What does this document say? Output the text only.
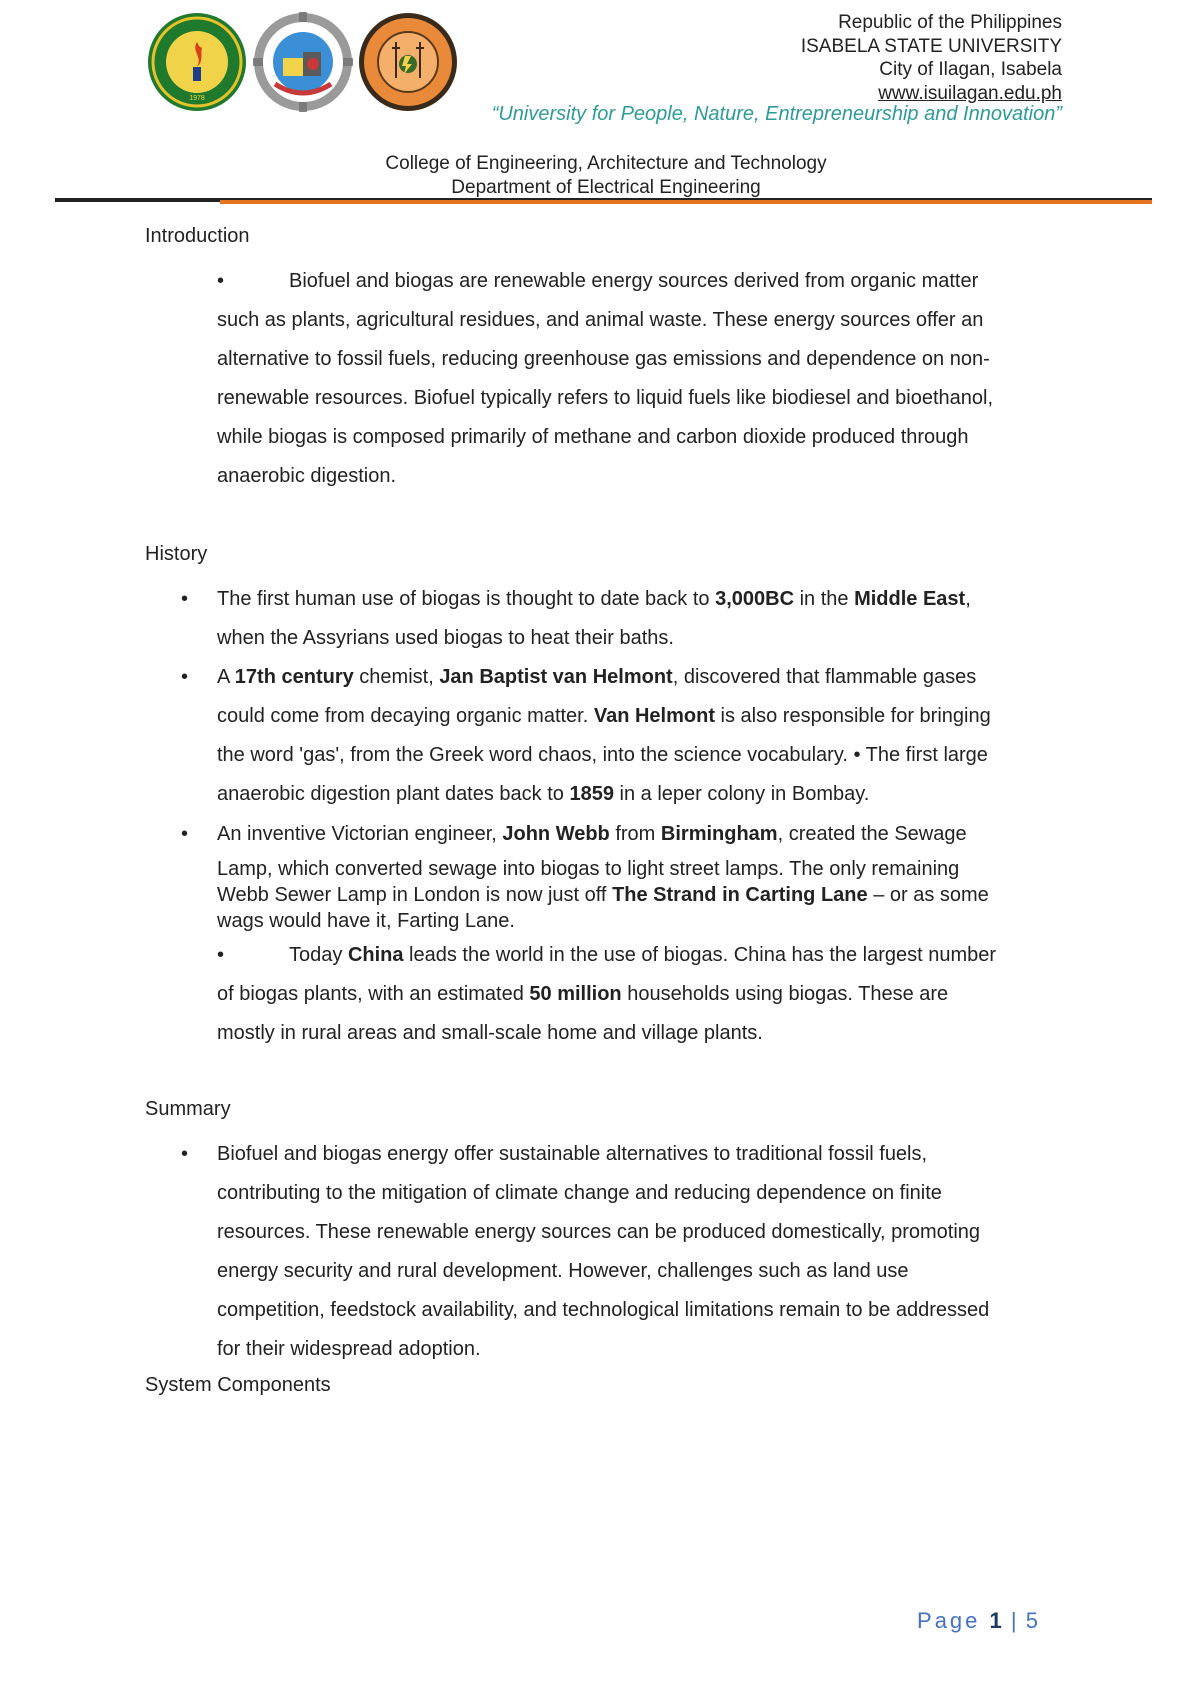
1978
Republic of the Philippines
ISABELA STATE UNIVERSITY
City of Ilagan, Isabela
www.isuilagan.edu.ph
“University for People, Nature, Entrepreneurship and Innovation”
College of Engineering, Architecture and Technology
Department of Electrical Engineering
Introduction
•	Biofuel and biogas are renewable energy sources derived from organic matter such as plants, agricultural residues, and animal waste. These energy sources offer an alternative to fossil fuels, reducing greenhouse gas emissions and dependence on non-renewable resources. Biofuel typically refers to liquid fuels like biodiesel and bioethanol, while biogas is composed primarily of methane and carbon dioxide produced through anaerobic digestion.
History
•	The first human use of biogas is thought to date back to 3,000BC in the Middle East, when the Assyrians used biogas to heat their baths.
•	A 17th century chemist, Jan Baptist van Helmont, discovered that flammable gases could come from decaying organic matter. Van Helmont is also responsible for bringing the word 'gas', from the Greek word chaos, into the science vocabulary. • The first large anaerobic digestion plant dates back to 1859 in a leper colony in Bombay.
•	An inventive Victorian engineer, John Webb from Birmingham, created the Sewage
Lamp, which converted sewage into biogas to light street lamps. The only remaining Webb Sewer Lamp in London is now just off The Strand in Carting Lane – or as some wags would have it, Farting Lane.
•	Today China leads the world in the use of biogas. China has the largest number of biogas plants, with an estimated 50 million households using biogas. These are mostly in rural areas and small-scale home and village plants.
Summary
•	Biofuel and biogas energy offer sustainable alternatives to traditional fossil fuels, contributing to the mitigation of climate change and reducing dependence on finite resources. These renewable energy sources can be produced domestically, promoting energy security and rural development. However, challenges such as land use competition, feedstock availability, and technological limitations remain to be addressed for their widespread adoption.
System Components
Page 1 | 5
